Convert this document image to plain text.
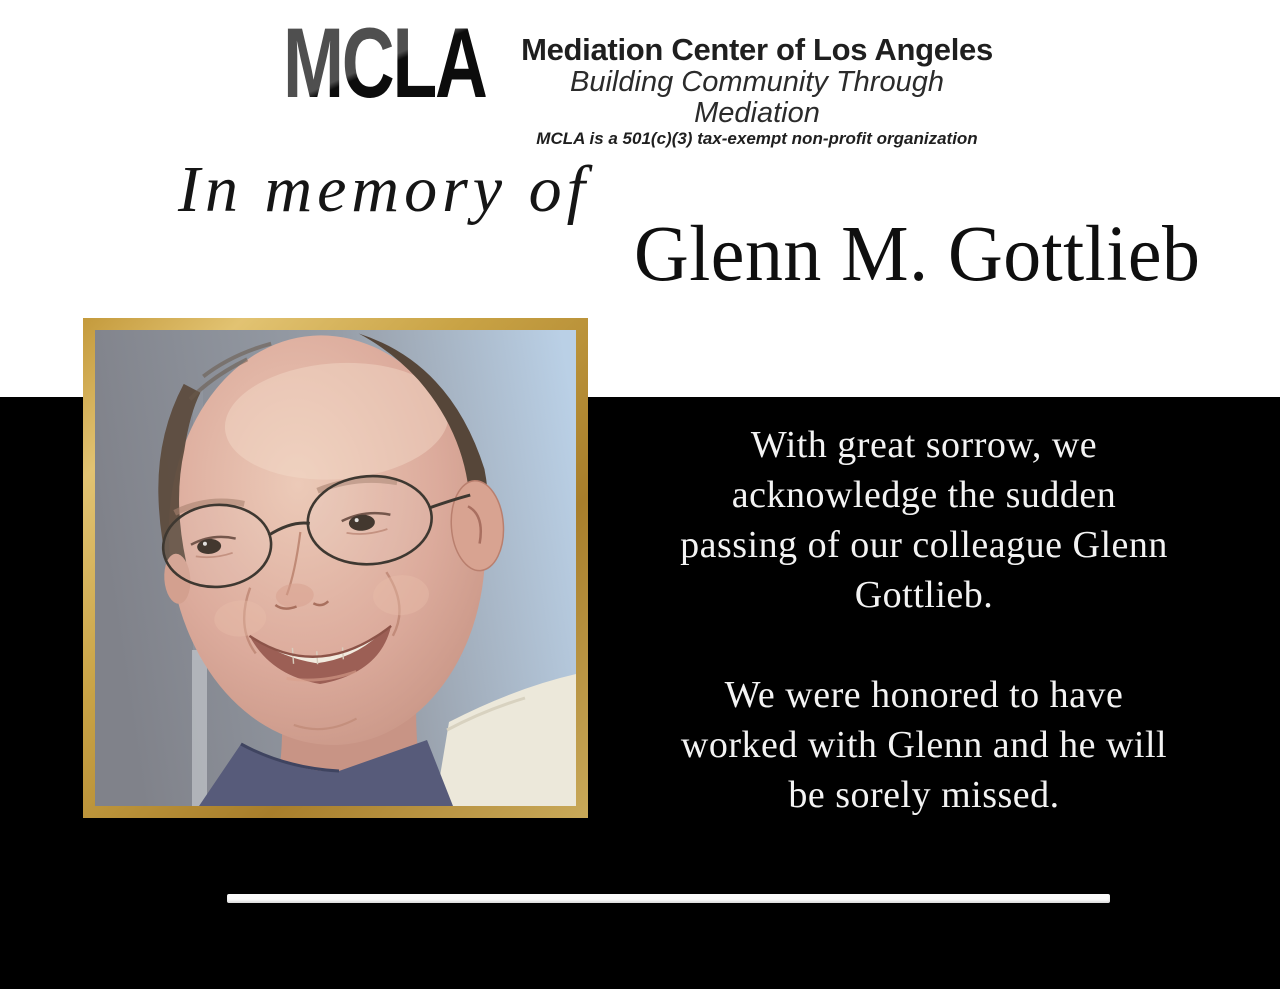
MCLA	Mediation Center of Los Angeles
Building Community Through Mediation
MCLA is a 501(c)(3) tax-exempt non-profit organization
In memory of
Glenn M. Gottlieb
With great sorrow, we
acknowledge the sudden
passing of our colleague Glenn
Gottlieb.
We were honored to have
worked with Glenn and he will
be sorely missed.
